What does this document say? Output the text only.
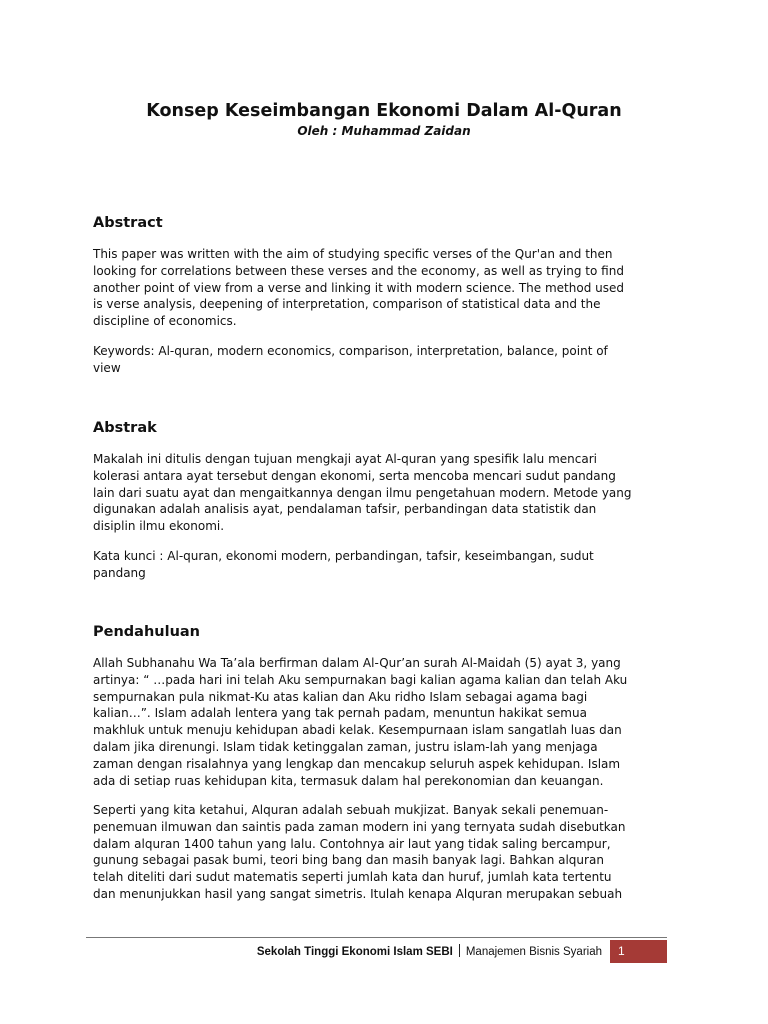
Konsep Keseimbangan Ekonomi Dalam Al-Quran
Oleh : Muhammad Zaidan
Abstract
This paper was written with the aim of studying specific verses of the Qur'an and then
looking for correlations between these verses and the economy, as well as trying to find
another point of view from a verse and linking it with modern science. The method used
is verse analysis, deepening of interpretation, comparison of statistical data and the
discipline of economics.
Keywords: Al-quran, modern economics, comparison, interpretation, balance, point of
view
Abstrak
Makalah ini ditulis dengan tujuan mengkaji ayat Al-quran yang spesifik lalu mencari
kolerasi antara ayat tersebut dengan ekonomi, serta mencoba mencari sudut pandang
lain dari suatu ayat dan mengaitkannya dengan ilmu pengetahuan modern. Metode yang
digunakan adalah analisis ayat, pendalaman tafsir, perbandingan data statistik dan
disiplin ilmu ekonomi.
Kata kunci : Al-quran, ekonomi modern, perbandingan, tafsir, keseimbangan, sudut
pandang
Pendahuluan
Allah Subhanahu Wa Ta’ala berfirman dalam Al-Qur’an surah Al-Maidah (5) ayat 3, yang
artinya: “ …pada hari ini telah Aku sempurnakan bagi kalian agama kalian dan telah Aku
sempurnakan pula nikmat-Ku atas kalian dan Aku ridho Islam sebagai agama bagi
kalian…”. Islam adalah lentera yang tak pernah padam, menuntun hakikat semua
makhluk untuk menuju kehidupan abadi kelak. Kesempurnaan islam sangatlah luas dan
dalam jika direnungi. Islam tidak ketinggalan zaman, justru islam-lah yang menjaga
zaman dengan risalahnya yang lengkap dan mencakup seluruh aspek kehidupan. Islam
ada di setiap ruas kehidupan kita, termasuk dalam hal perekonomian dan keuangan.
Seperti yang kita ketahui, Alquran adalah sebuah mukjizat. Banyak sekali penemuan-
penemuan ilmuwan dan saintis pada zaman modern ini yang ternyata sudah disebutkan
dalam alquran 1400 tahun yang lalu. Contohnya air laut yang tidak saling bercampur,
gunung sebagai pasak bumi, teori bing bang dan masih banyak lagi. Bahkan alquran
telah diteliti dari sudut matematis seperti jumlah kata dan huruf, jumlah kata tertentu
dan menunjukkan hasil yang sangat simetris. Itulah kenapa Alquran merupakan sebuah
Sekolah Tinggi Ekonomi Islam SEBI Manajemen Bisnis Syariah	1
